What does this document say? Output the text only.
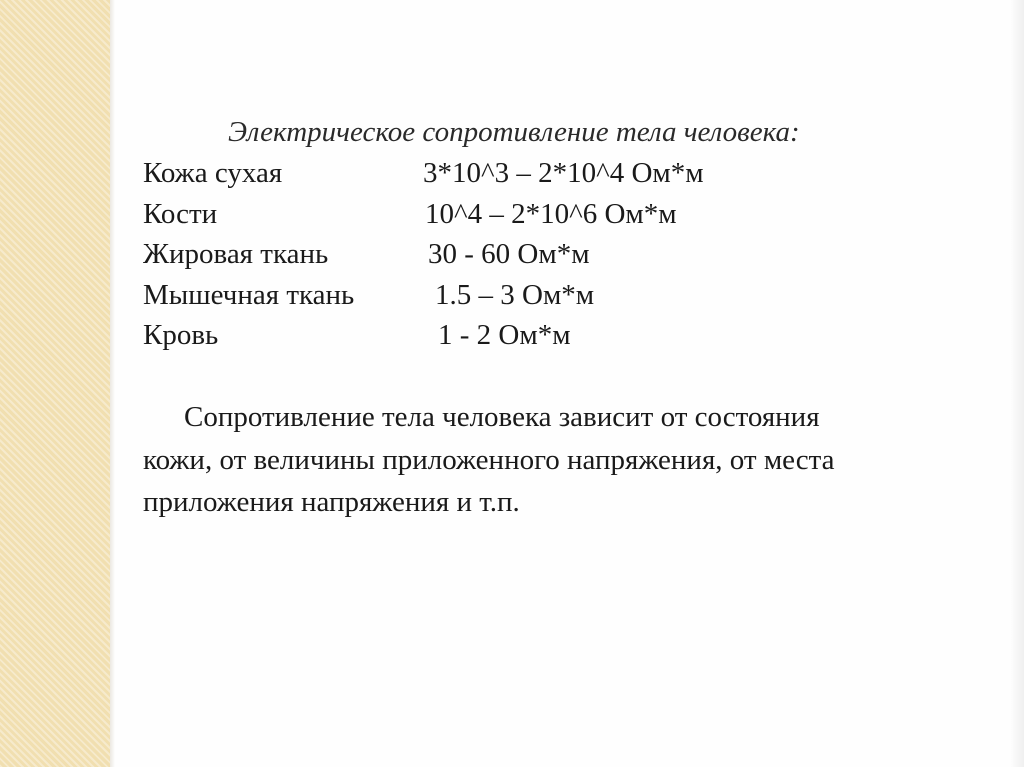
Электрическое сопротивление тела человека:
Кожа сухая	3*10^3 – 2*10^4 Ом*м
Кости	10^4 – 2*10^6 Ом*м
Жировая ткань	30 - 60 Ом*м
Мышечная ткань	1.5 – 3 Ом*м
Кровь	1 - 2 Ом*м
Сопротивление тела человека зависит от состояния
кожи, от величины приложенного напряжения, от места
приложения напряжения и т.п.
